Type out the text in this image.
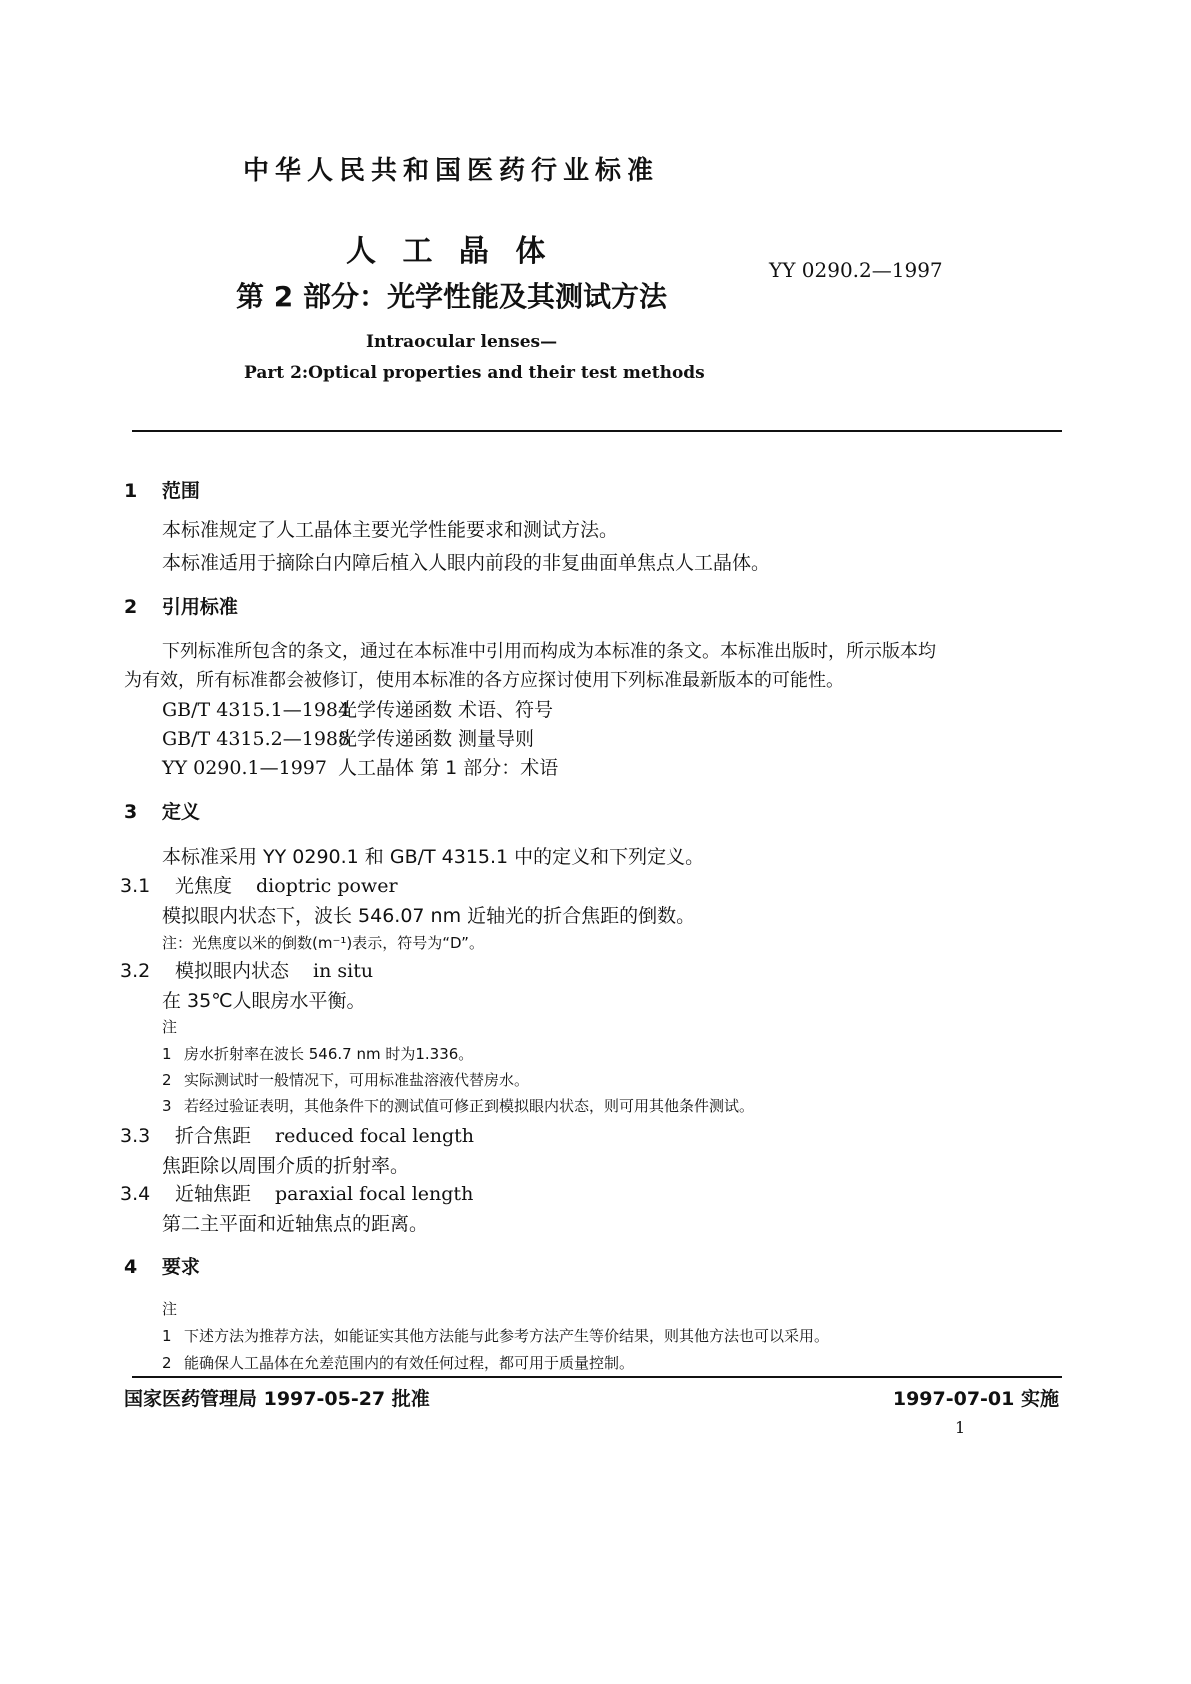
中华人民共和国医药行业标准
人 工 晶 体
第 2 部分：光学性能及其测试方法
YY 0290.2—1997
Intraocular lenses—
Part 2:Optical properties and their test methods
1 范围
本标准规定了人工晶体主要光学性能要求和测试方法。
本标准适用于摘除白内障后植入人眼内前段的非复曲面单焦点人工晶体。
2 引用标准
下列标准所包含的条文，通过在本标准中引用而构成为本标准的条文。本标准出版时，所示版本均
为有效，所有标准都会被修订，使用本标准的各方应探讨使用下列标准最新版本的可能性。
GB/T 4315.1—1984光学传递函数 术语、符号
GB/T 4315.2—1988光学传递函数 测量导则
YY 0290.1—1997 人工晶体 第 1 部分：术语
3 定义
本标准采用 YY 0290.1 和 GB/T 4315.1 中的定义和下列定义。
3.1 光焦度 dioptric power
模拟眼内状态下，波长 546.07 nm 近轴光的折合焦距的倒数。
注：光焦度以米的倒数(m⁻¹)表示，符号为“D”。
3.2 模拟眼内状态 in situ
在 35℃人眼房水平衡。
注
1 房水折射率在波长 546.7 nm 时为1.336。
2 实际测试时一般情况下，可用标准盐溶液代替房水。
3 若经过验证表明，其他条件下的测试值可修正到模拟眼内状态，则可用其他条件测试。
3.3 折合焦距 reduced focal length
焦距除以周围介质的折射率。
3.4 近轴焦距 paraxial focal length
第二主平面和近轴焦点的距离。
4 要求
注
1 下述方法为推荐方法，如能证实其他方法能与此参考方法产生等价结果，则其他方法也可以采用。
2 能确保人工晶体在允差范围内的有效任何过程，都可用于质量控制。
国家医药管理局 1997-05-27 批准	1997-07-01 实施
1
